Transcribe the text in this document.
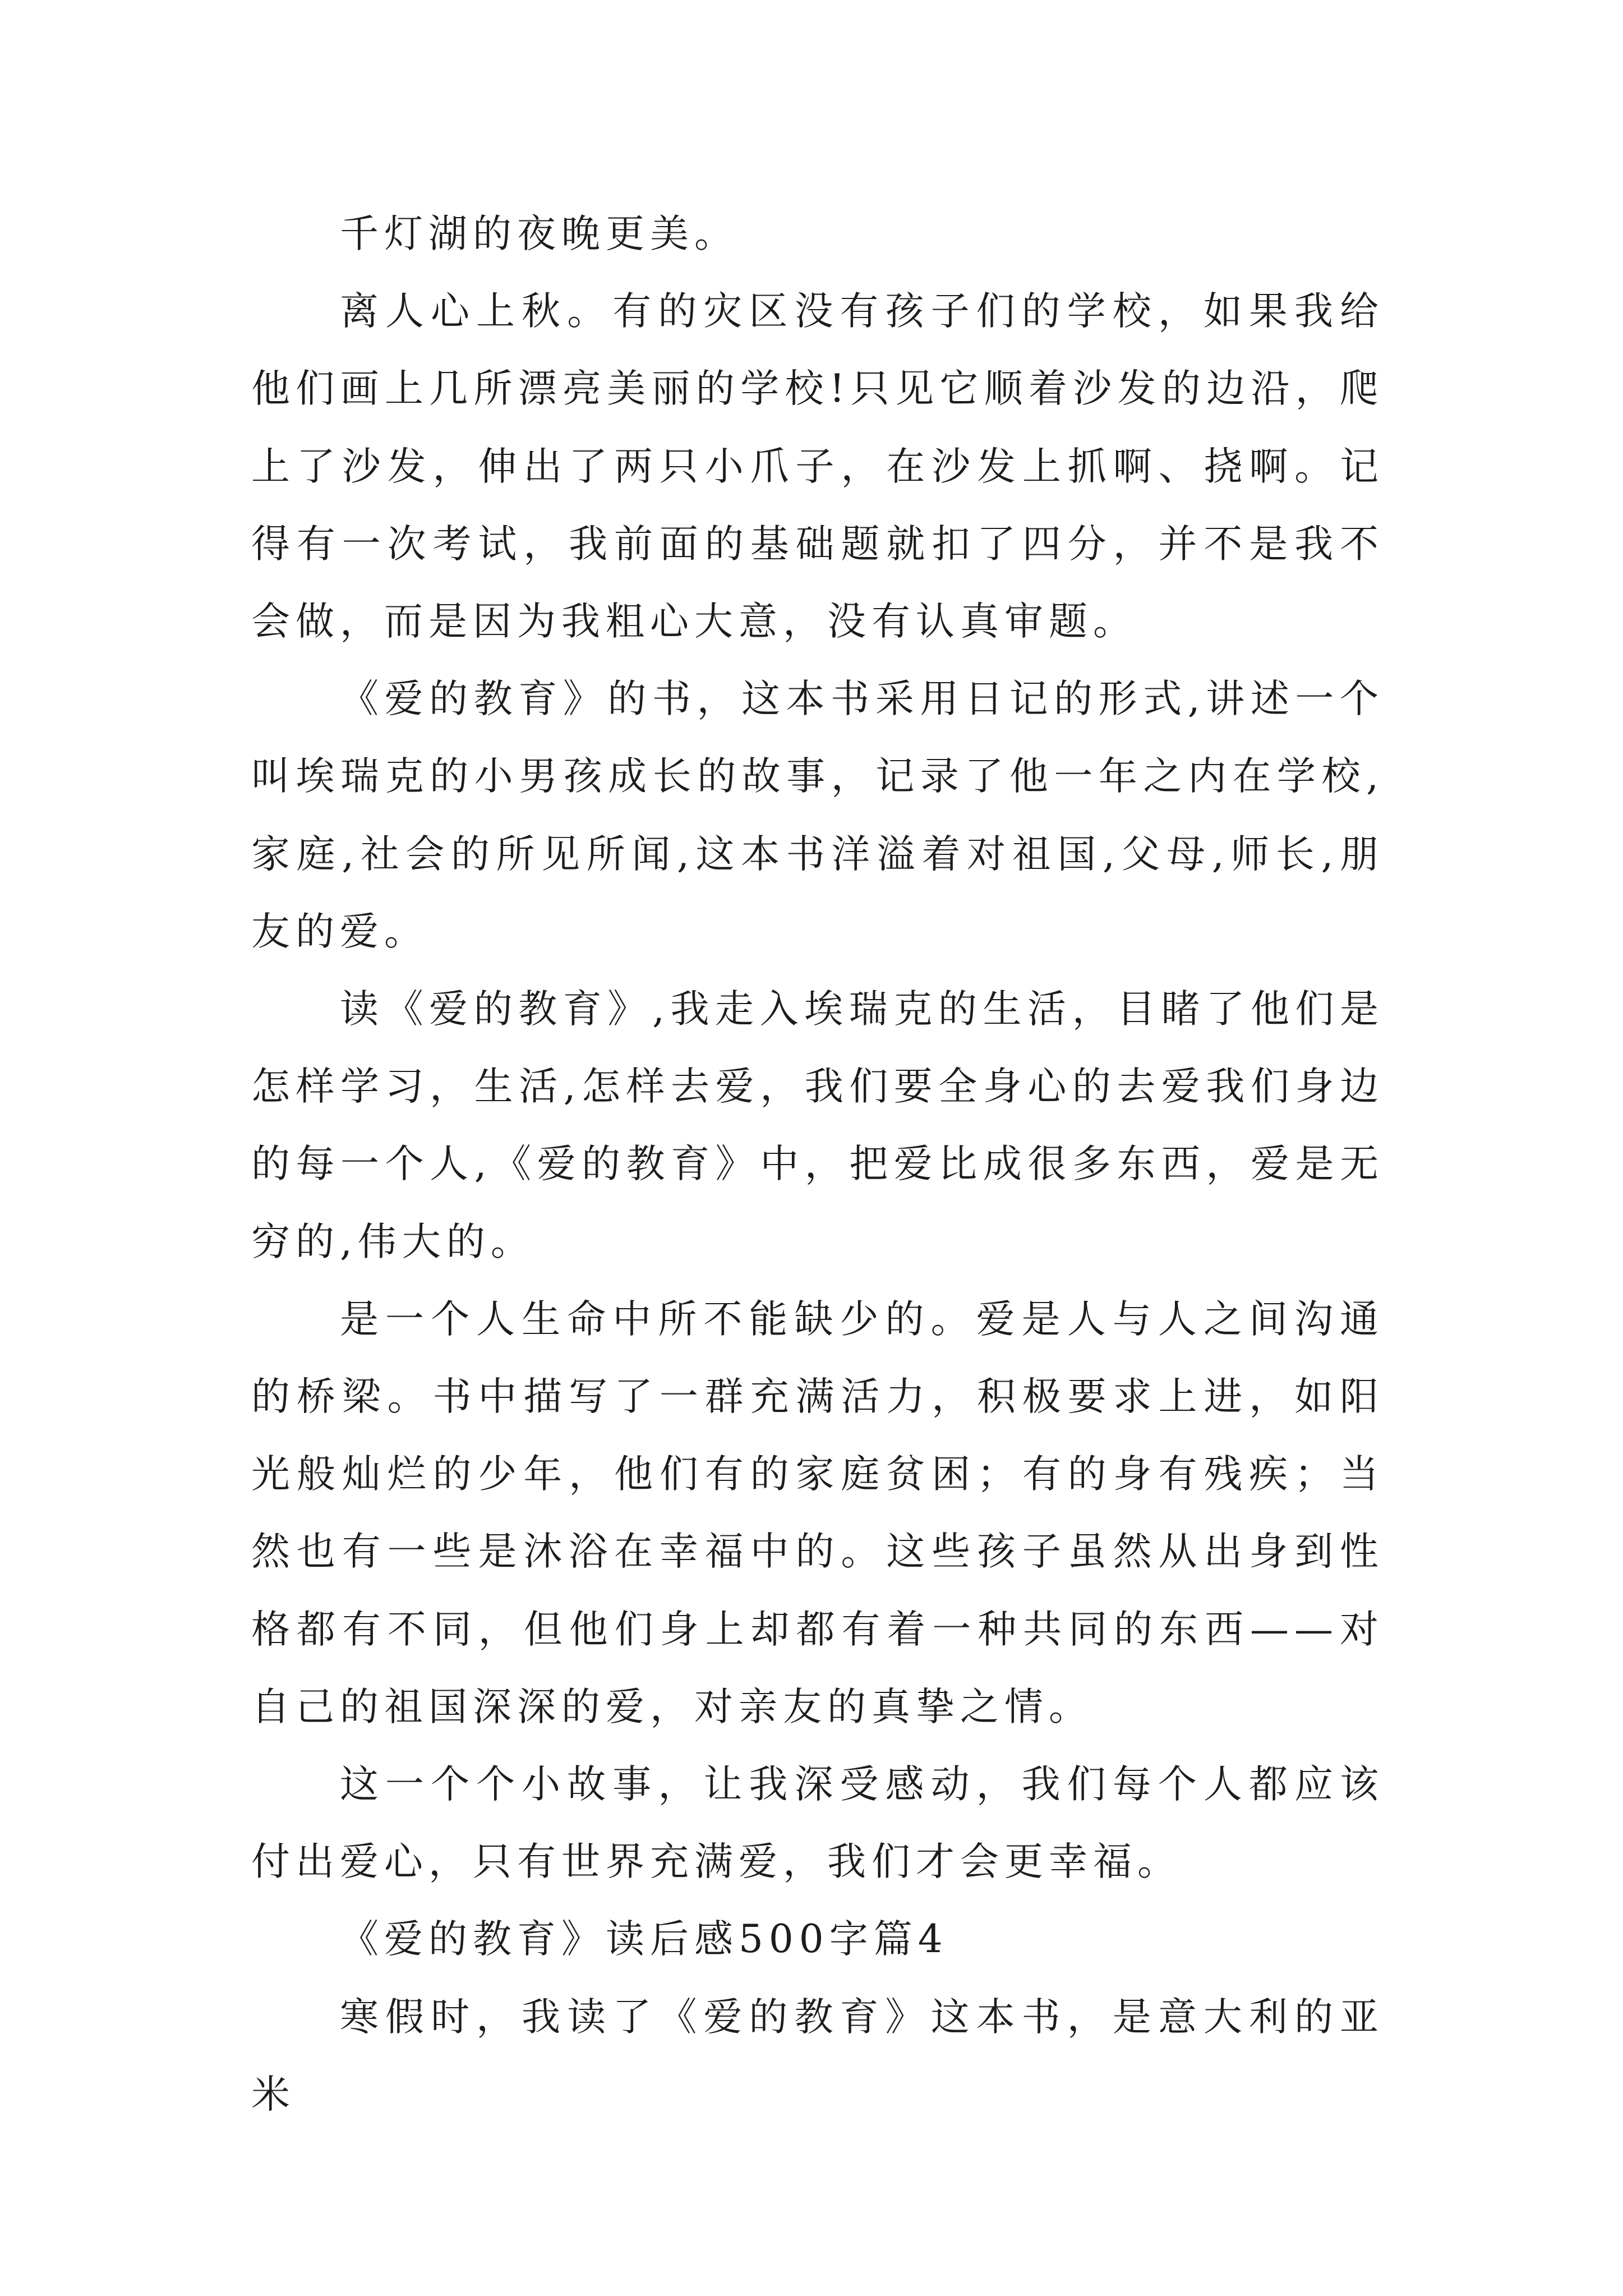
千灯湖的夜晚更美。

离人心上秋。有的灾区没有孩子们的学校，如果我给他们画上几所漂亮美丽的学校!只见它顺着沙发的边沿，爬上了沙发，伸出了两只小爪子，在沙发上抓啊、挠啊。记得有一次考试，我前面的基础题就扣了四分，并不是我不会做，而是因为我粗心大意，没有认真审题。

《爱的教育》的书，这本书采用日记的形式,讲述一个叫埃瑞克的小男孩成长的故事，记录了他一年之内在学校,家庭,社会的所见所闻,这本书洋溢着对祖国,父母,师长,朋友的爱。

读《爱的教育》,我走入埃瑞克的生活，目睹了他们是怎样学习，生活,怎样去爱，我们要全身心的去爱我们身边的每一个人,《爱的教育》中，把爱比成很多东西，爱是无穷的,伟大的。

是一个人生命中所不能缺少的。爱是人与人之间沟通的桥梁。书中描写了一群充满活力，积极要求上进，如阳光般灿烂的少年，他们有的家庭贫困；有的身有残疾；当然也有一些是沐浴在幸福中的。这些孩子虽然从出身到性格都有不同，但他们身上却都有着一种共同的东西——对自己的祖国深深的爱，对亲友的真挚之情。

这一个个小故事，让我深受感动，我们每个人都应该付出爱心，只有世界充满爱，我们才会更幸福。

《爱的教育》读后感500字篇4

寒假时，我读了《爱的教育》这本书，是意大利的亚米
